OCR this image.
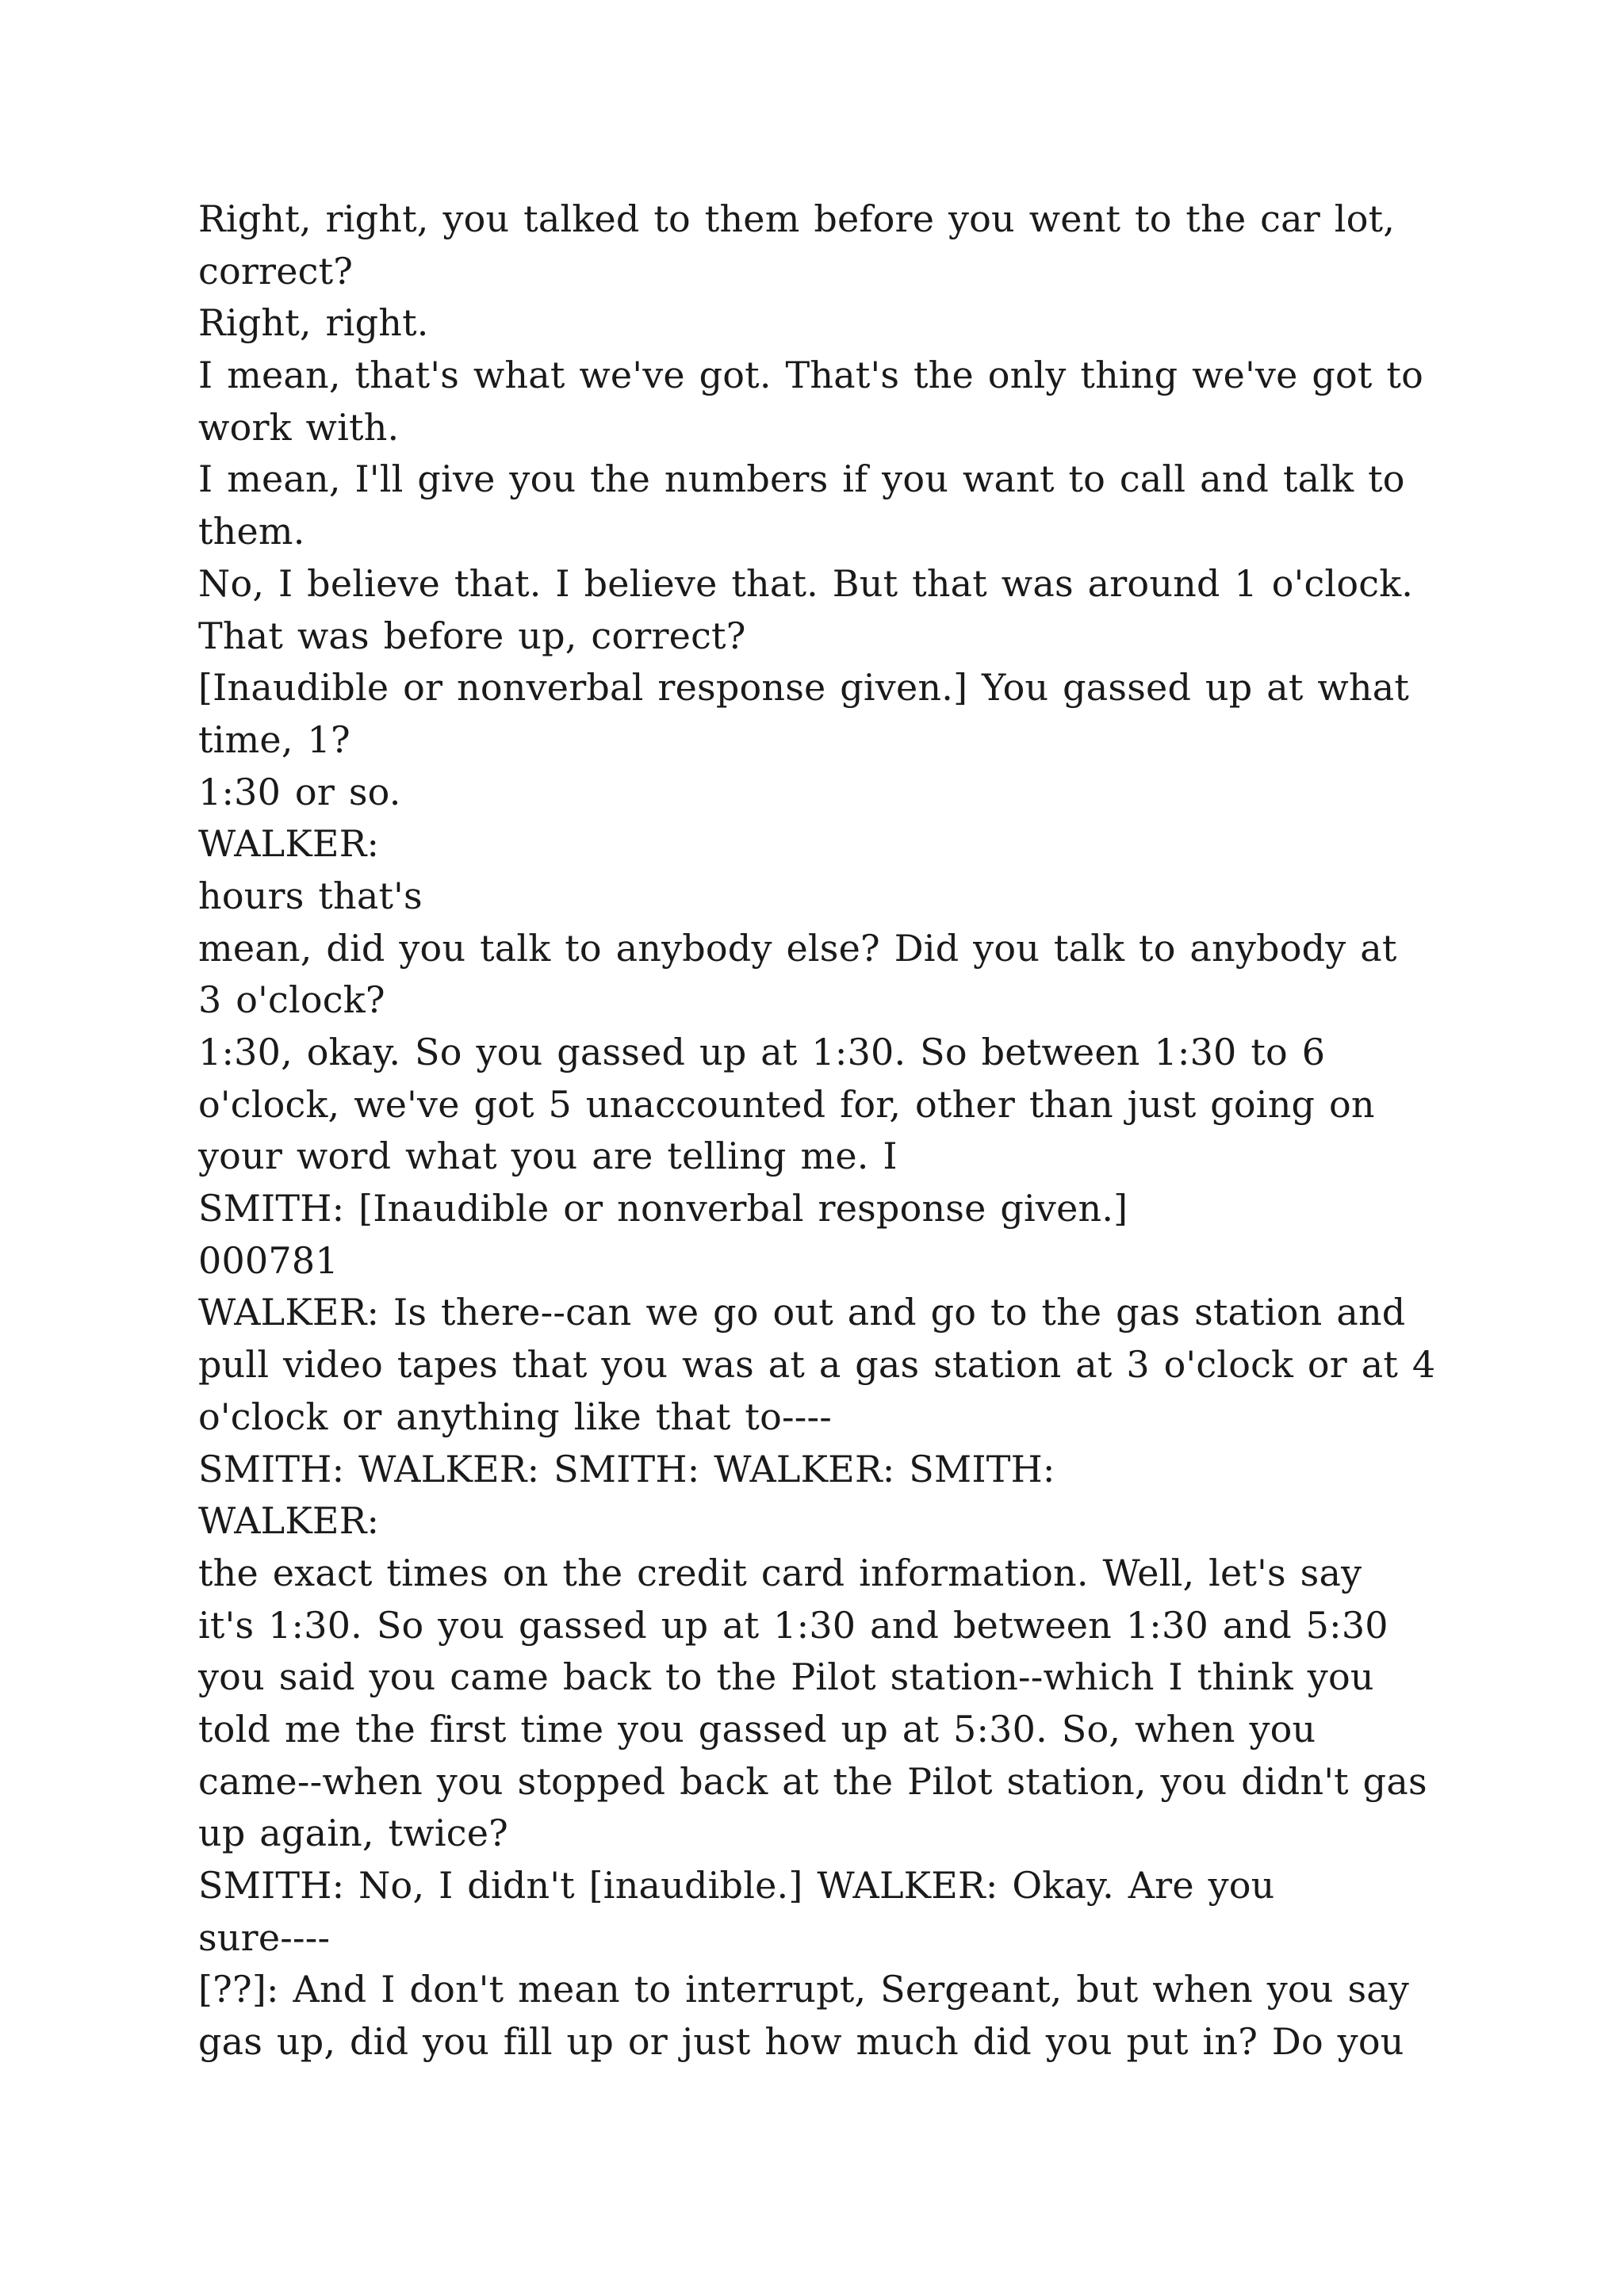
Right, right, you talked to them before you went to the car lot,
correct?
Right, right.
I mean, that's what we've got. That's the only thing we've got to
work with.
I mean, I'll give you the numbers if you want to call and talk to
them.
No, I believe that. I believe that. But that was around 1 o'clock.
That was before up, correct?
[Inaudible or nonverbal response given.] You gassed up at what
time, 1?
1:30 or so.
WALKER:
hours that's
mean, did you talk to anybody else? Did you talk to anybody at
3 o'clock?
1:30, okay. So you gassed up at 1:30. So between 1:30 to 6
o'clock, we've got 5 unaccounted for, other than just going on
your word what you are telling me. I
SMITH: [Inaudible or nonverbal response given.]
000781
WALKER: Is there--can we go out and go to the gas station and
pull video tapes that you was at a gas station at 3 o'clock or at 4
o'clock or anything like that to----
SMITH: WALKER: SMITH: WALKER: SMITH:
WALKER:
the exact times on the credit card information. Well, let's say
it's 1:30. So you gassed up at 1:30 and between 1:30 and 5:30
you said you came back to the Pilot station--which I think you
told me the first time you gassed up at 5:30. So, when you
came--when you stopped back at the Pilot station, you didn't gas
up again, twice?
SMITH: No, I didn't [inaudible.] WALKER: Okay. Are you
sure----
[??]: And I don't mean to interrupt, Sergeant, but when you say
gas up, did you fill up or just how much did you put in? Do you
